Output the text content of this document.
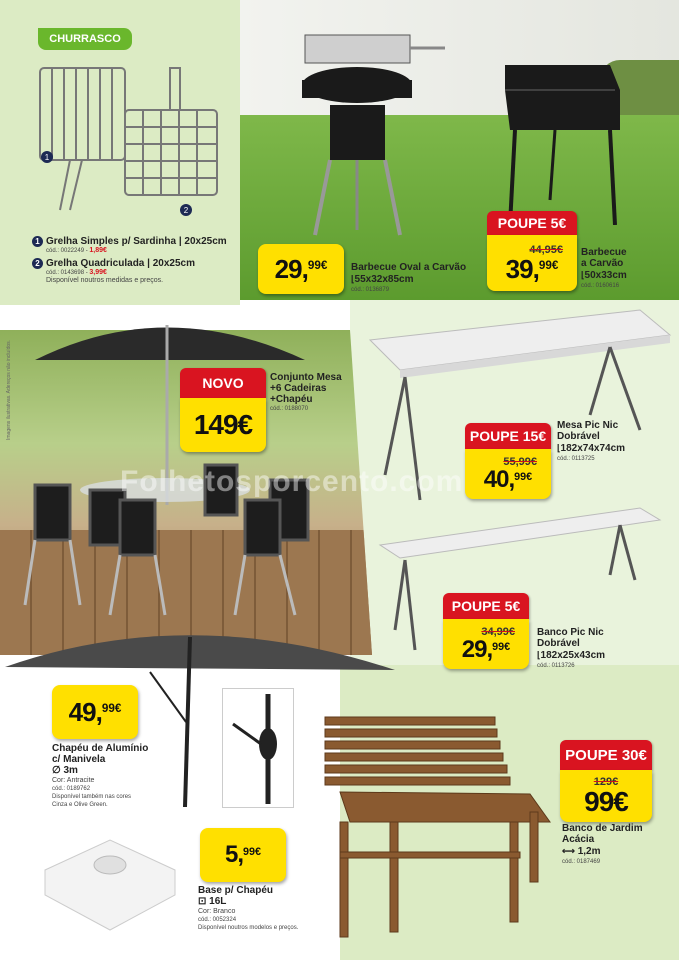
CHURRASCO
1
2
1 Grelha Simples p/ Sardinha | 20x25cm
cód.: 0022249 - 1,89€
2 Grelha Quadriculada | 20x25cm
cód.: 0143698 - 3,99€
Disponível noutros medidas e preços.	29,$^{99€}$ Barbecue Oval a Carvão
⌊55x32x85cm
cód.: 0136879
POUPE 5€
44,95€
39,$^{99€}$
Barbecue
a Carvão
⌊50x33cm
cód.: 0160616
Imagens ilustrativas. Adereços não incluídos.	NOVO
149€
Conjunto Mesa
+6 Cadeiras
+Chapéu
cód.: 0188070
POUPE 15€
55,99€
40,$^{99€}$
Mesa Pic Nic
Dobrável
⌊182x74x74cm
cód.: 0113725
Folhetosporcento.com
POUPE 5€
34,99€
29,$^{99€}$
Banco Pic Nic
Dobrável
⌊182x25x43cm
cód.: 0113726
49,$^{99€}$
Chapéu de Alumínio
c/ Manivela
∅ 3m
Cor: Antracite
cód.: 0189762
Disponível também nas cores
Cinza e Olive Green.
5,$^{99€}$
Base p/ Chapéu
⊡ 16L
Cor: Branco
cód.: 0052324
Disponível noutros modelos e preços.
POUPE 30€
129€
99€
Banco de Jardim
Acácia
⟷ 1,2m
cód.: 0187469
